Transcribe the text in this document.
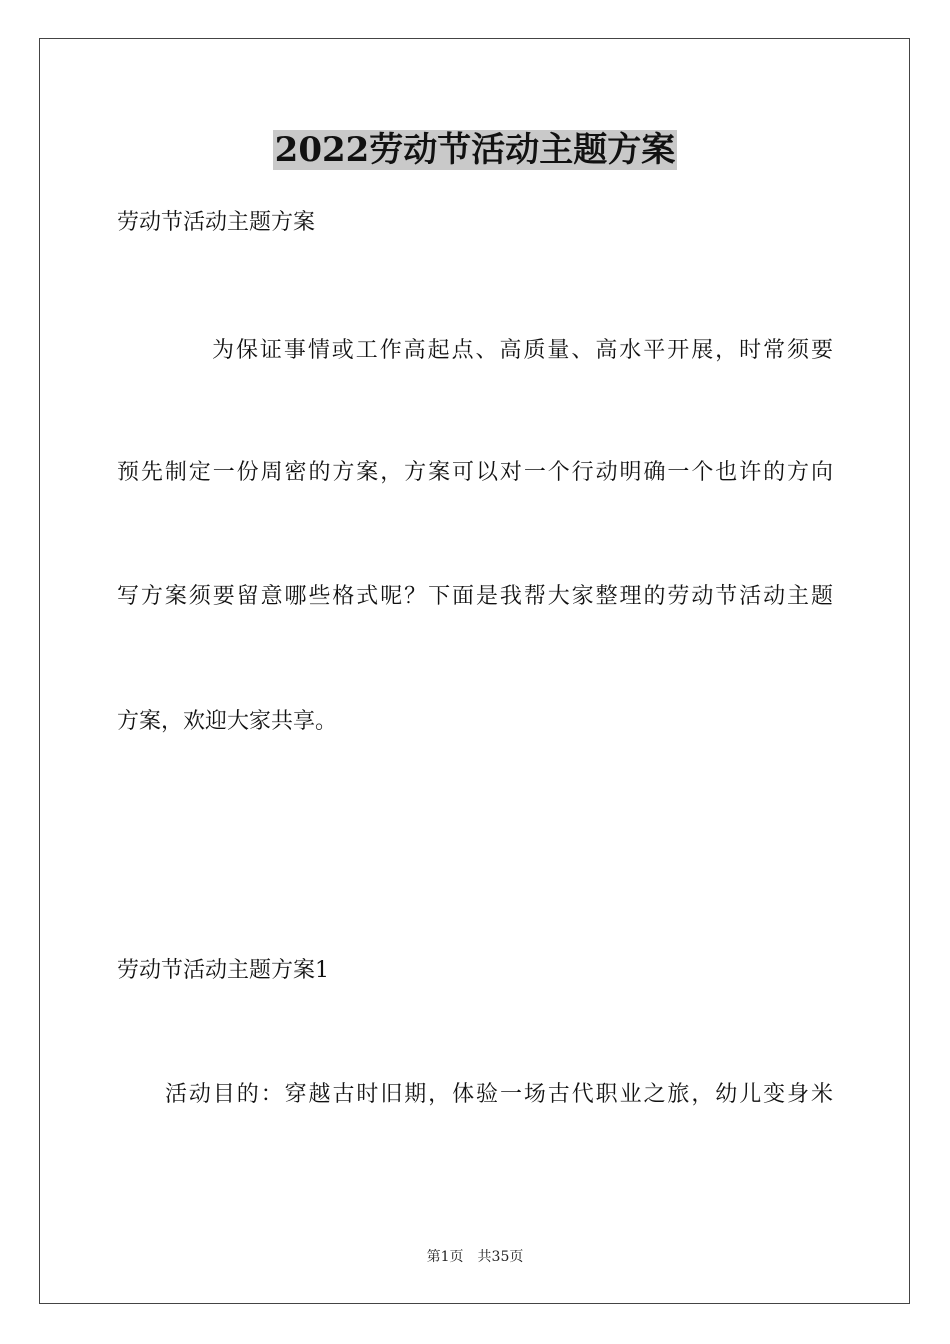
2022劳动节活动主题方案
劳动节活动主题方案
为保证事情或工作高起点、高质量、高水平开展，时常须要
预先制定一份周密的方案，方案可以对一个行动明确一个也许的方向
写方案须要留意哪些格式呢？下面是我帮大家整理的劳动节活动主题
方案，欢迎大家共享。
劳动节活动主题方案1
活动目的：穿越古时旧期，体验一场古代职业之旅，幼儿变身米
第1页 共35页
